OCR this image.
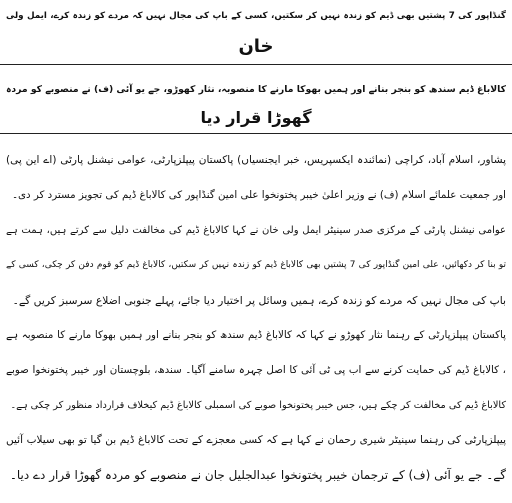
گنڈاپور کی 7 پشتیں بھی ڈیم کو زندہ نہیں کر سکتیں، کسی کے باپ کی مجال نہیں کہ مردے کو زندہ کرے، ایمل ولی
خان
کالاباغ ڈیم سندھ کو بنجر بنانے اور ہمیں بھوکا مارنے کا منصوبہ، نثار کھوڑو، جے یو آئی (ف) نے منصوبے کو مردہ
گھوڑا قرار دیا
پشاور، اسلام آباد، کراچی (نمائندہ ایکسپریس، خبر ایجنسیاں) پاکستان پیپلزپارٹی، عوامی نیشنل پارٹی (اے این پی)
اور جمعیت علمائے اسلام (ف) نے وزیر اعلیٰ خیبر پختونخوا علی امین گنڈاپور کی کالاباغ ڈیم کی تجویز مسترد کر دی۔
عوامی نیشنل پارٹی کے مرکزی صدر سینیٹر ایمل ولی خان نے کہا کالاباغ ڈیم کی مخالفت دلیل سے کرتے ہیں، ہمت ہے
تو بنا کر دکھائیں، علی امین گنڈاپور کی 7 پشتیں بھی کالاباغ ڈیم کو زندہ نہیں کر سکتیں، کالاباغ ڈیم کو قوم دفن کر چکی، کسی کے
باپ کی مجال نہیں کہ مردے کو زندہ کرے، ہمیں وسائل پر اختیار دیا جائے، پہلے جنوبی اضلاع سرسبز کریں گے۔
پاکستان پیپلزپارٹی کے رہنما نثار کھوڑو نے کہا کہ کالاباغ ڈیم سندھ کو بنجر بنانے اور ہمیں بھوکا مارنے کا منصوبہ ہے
، کالاباغ ڈیم کی حمایت کرنے سے اب پی ٹی آئی کا اصل چہرہ سامنے آگیا۔ سندھ، بلوچستان اور خیبر پختونخوا صوبے
کالاباغ ڈیم کی مخالفت کر چکے ہیں، جس خیبر پختونخوا صوبے کی اسمبلی کالاباغ ڈیم کیخلاف قرارداد منظور کر چکی ہے۔
پیپلزپارٹی کی رہنما سینیٹر شیری رحمان نے کہا ہے کہ کسی معجزے کے تحت کالاباغ ڈیم بن گیا تو بھی سیلاب آئیں
گے۔ جے یو آئی (ف) کے ترجمان خیبر پختونخوا عبدالجلیل جان نے منصوبے کو مردہ گھوڑا قرار دے دیا۔
